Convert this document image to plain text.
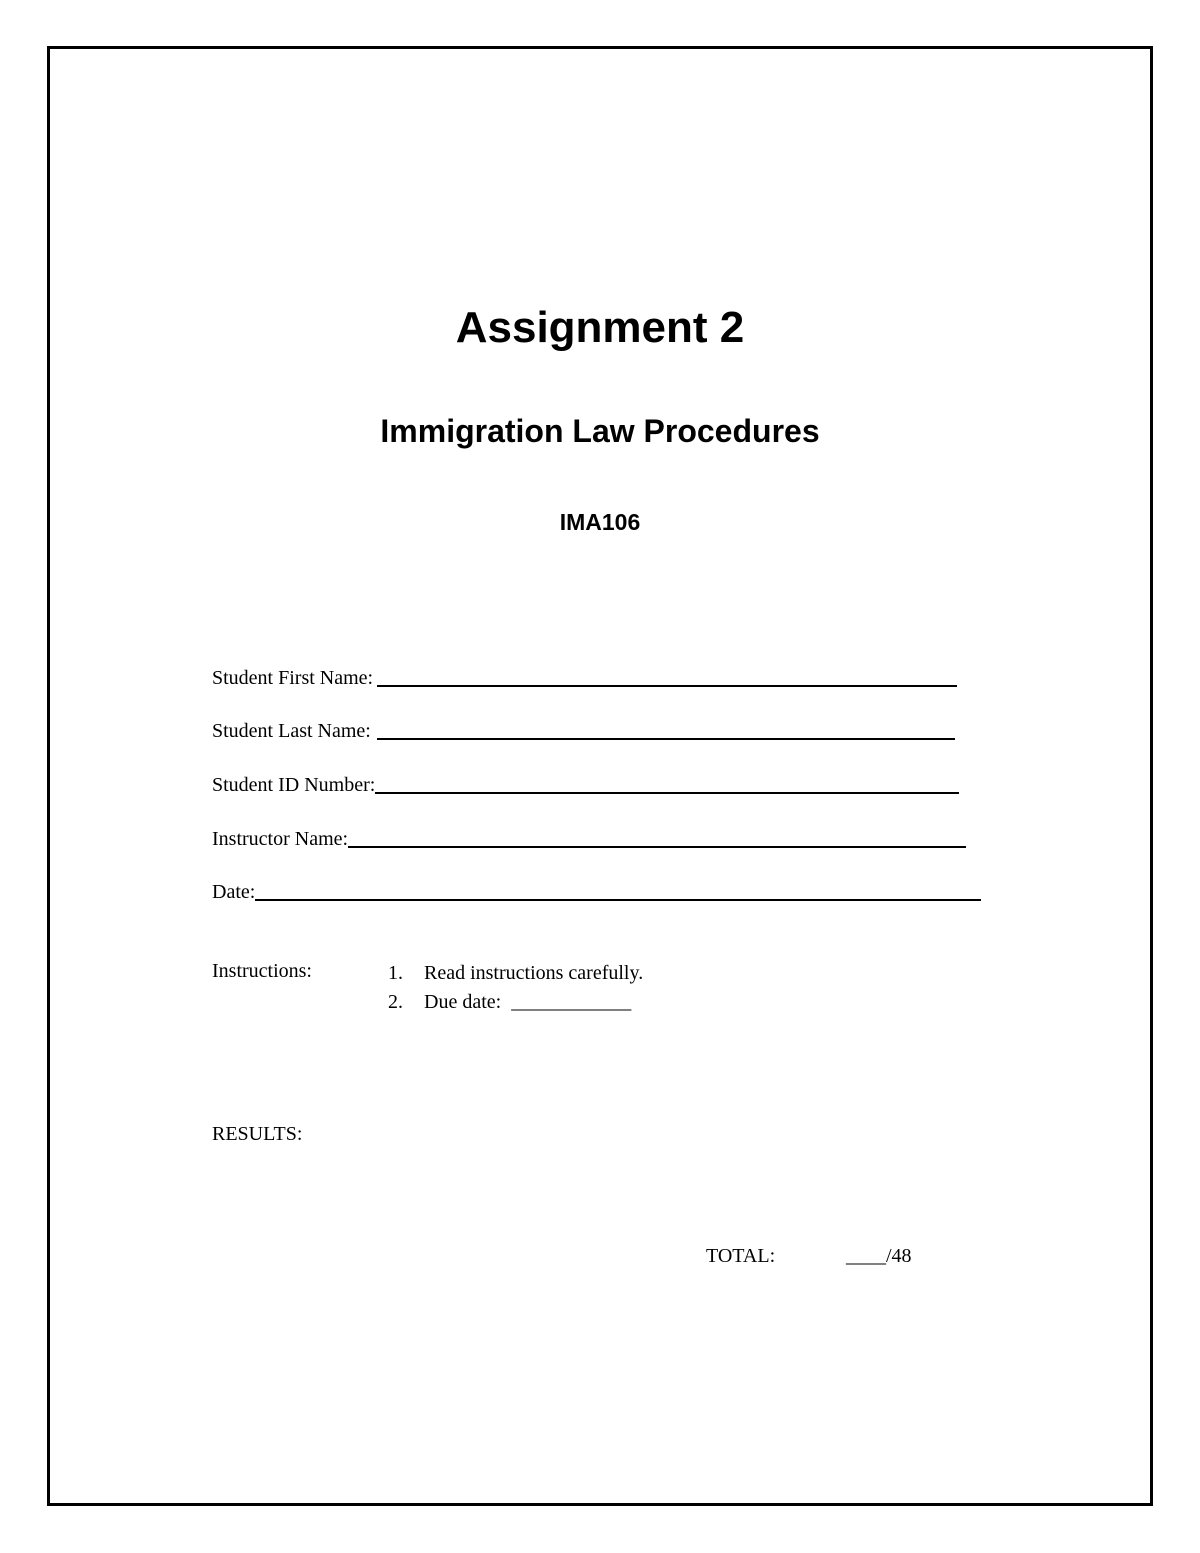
Assignment 2
Immigration Law Procedures
IMA106
Student First Name:
Student Last Name:
Student ID Number:
Instructor Name:
Date:
Instructions:	1.	Read instructions carefully.
2.	Due date:  ____________
RESULTS:
TOTAL:	____/48
